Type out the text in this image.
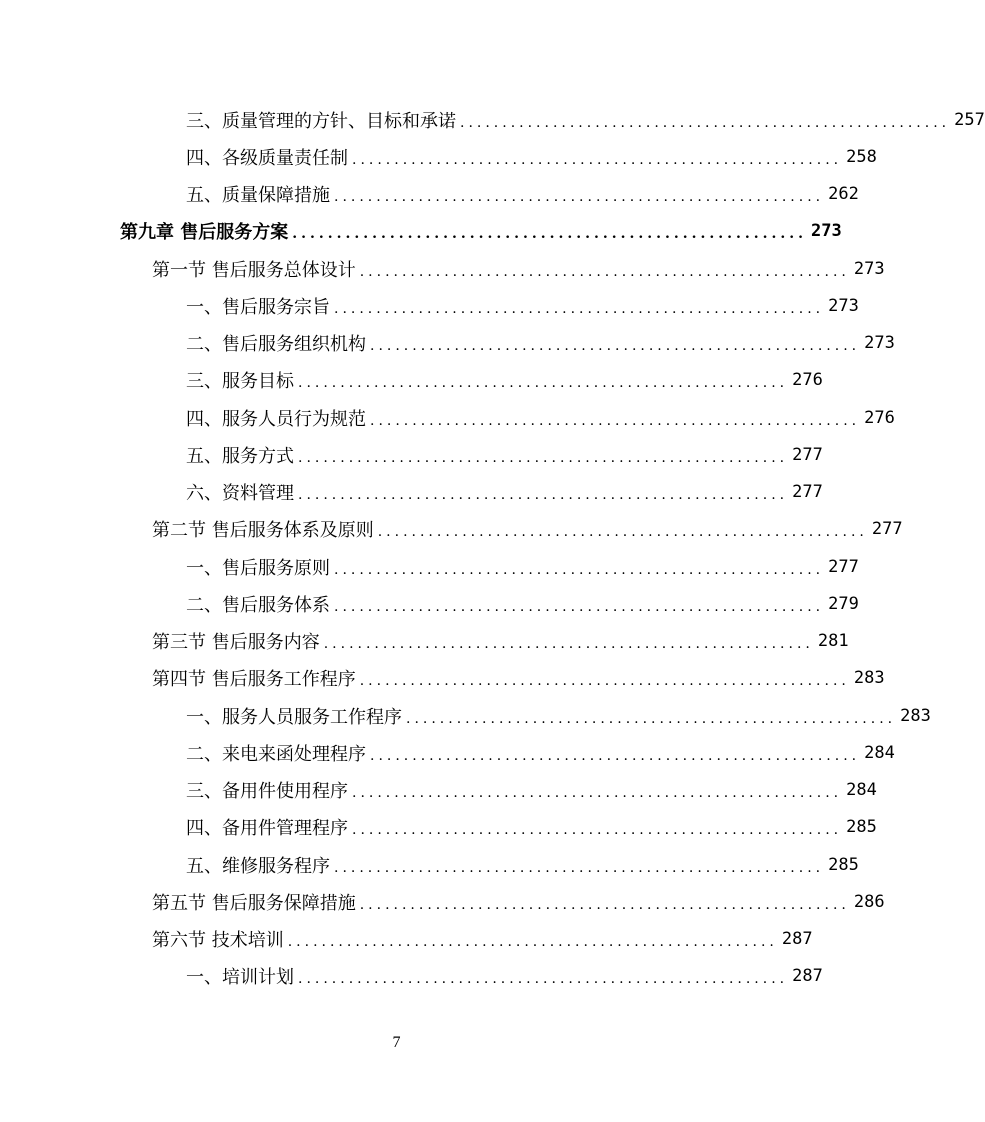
三、质量管理的方针、目标和承诺 .......................................................... 257
四、各级质量责任制 .......................................................... 258
五、质量保障措施 .......................................................... 262
第九章 售后服务方案 .......................................................... 273
第一节 售后服务总体设计 .......................................................... 273
一、售后服务宗旨 .......................................................... 273
二、售后服务组织机构 .......................................................... 273
三、服务目标 .......................................................... 276
四、服务人员行为规范 .......................................................... 276
五、服务方式 .......................................................... 277
六、资料管理 .......................................................... 277
第二节 售后服务体系及原则 .......................................................... 277
一、售后服务原则 .......................................................... 277
二、售后服务体系 .......................................................... 279
第三节 售后服务内容 .......................................................... 281
第四节 售后服务工作程序 .......................................................... 283
一、服务人员服务工作程序 .......................................................... 283
二、来电来函处理程序 .......................................................... 284
三、备用件使用程序 .......................................................... 284
四、备用件管理程序 .......................................................... 285
五、维修服务程序 .......................................................... 285
第五节 售后服务保障措施 .......................................................... 286
第六节 技术培训 .......................................................... 287
一、培训计划 .......................................................... 287
7
